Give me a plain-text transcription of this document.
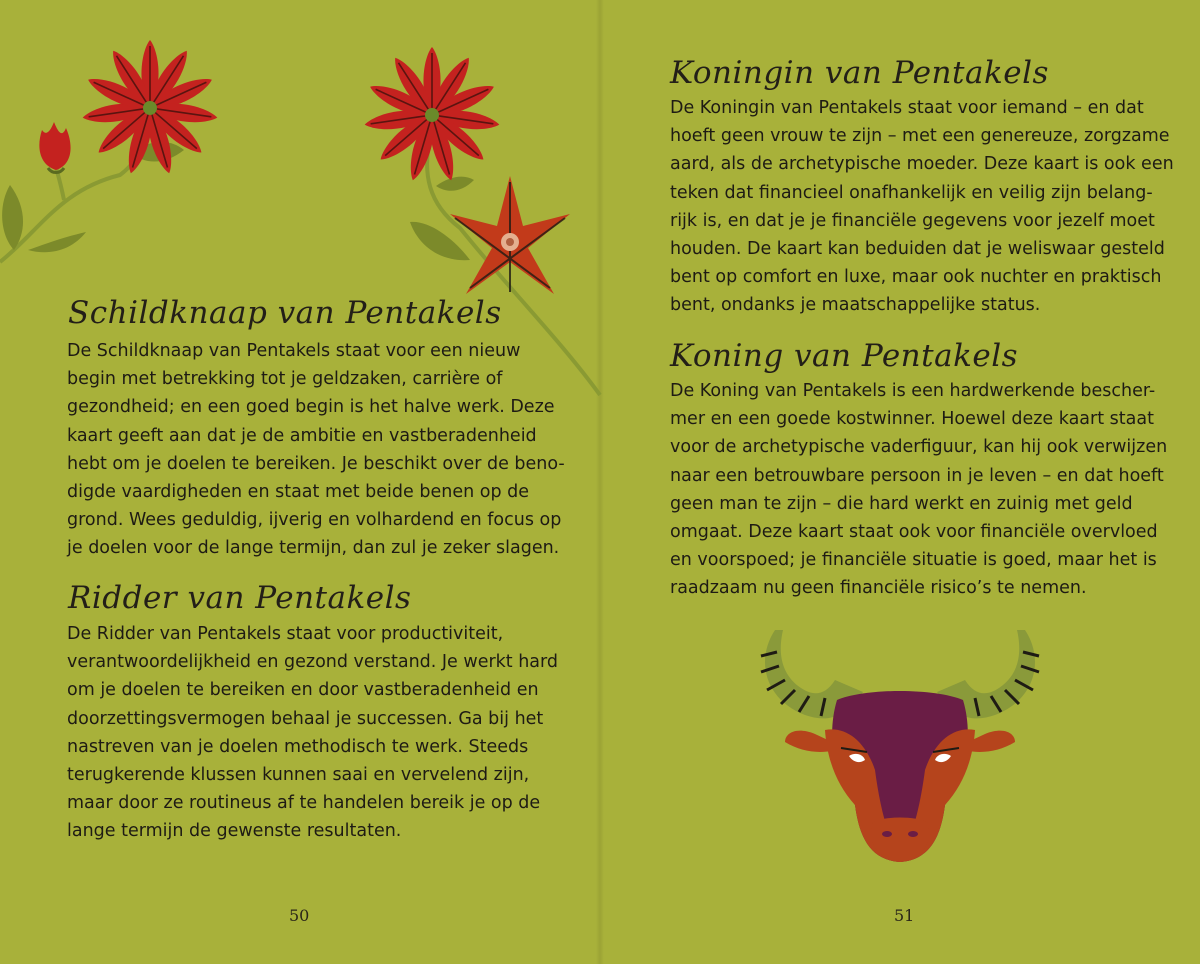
Schildknaap van Pentakels

De Schildknaap van Pentakels staat voor een nieuw
begin met betrekking tot je geldzaken, carrière of
gezondheid; en een goed begin is het halve werk. Deze
kaart geeft aan dat je de ambitie en vastberadenheid
hebt om je doelen te bereiken. Je beschikt over de beno-
digde vaardigheden en staat met beide benen op de
grond. Wees geduldig, ijverig en volhardend en focus op
je doelen voor de lange termijn, dan zul je zeker slagen.

Ridder van Pentakels

De Ridder van Pentakels staat voor productiviteit,
verantwoordelijkheid en gezond verstand. Je werkt hard
om je doelen te bereiken en door vastberadenheid en
doorzettingsvermogen behaal je successen. Ga bij het
nastreven van je doelen methodisch te werk. Steeds
terugkerende klussen kunnen saai en vervelend zijn,
maar door ze routineus af te handelen bereik je op de
lange termijn de gewenste resultaten.

50
Koningin van Pentakels

De Koningin van Pentakels staat voor iemand – en dat
hoeft geen vrouw te zijn – met een genereuze, zorgzame
aard, als de archetypische moeder. Deze kaart is ook een
teken dat financieel onafhankelijk en veilig zijn belang-
rijk is, en dat je je financiële gegevens voor jezelf moet
houden. De kaart kan beduiden dat je weliswaar gesteld
bent op comfort en luxe, maar ook nuchter en praktisch
bent, ondanks je maatschappelijke status.

Koning van Pentakels

De Koning van Pentakels is een hardwerkende bescher-
mer en een goede kostwinner. Hoewel deze kaart staat
voor de archetypische vaderfiguur, kan hij ook verwijzen
naar een betrouwbare persoon in je leven – en dat hoeft
geen man te zijn – die hard werkt en zuinig met geld
omgaat. Deze kaart staat ook voor financiële overvloed
en voorspoed; je financiële situatie is goed, maar het is
raadzaam nu geen financiële risico’s te nemen.

51
